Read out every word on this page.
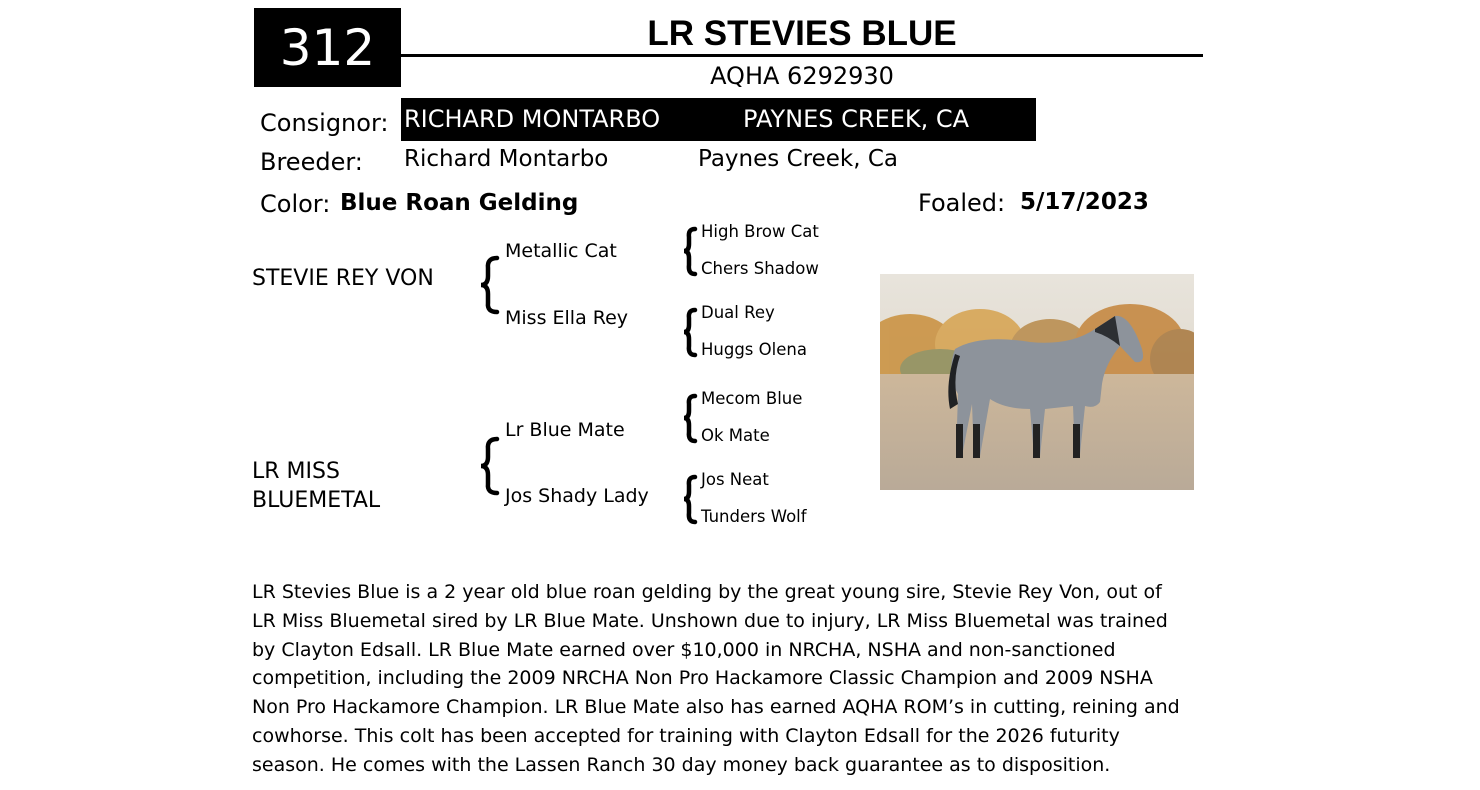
312	LR STEVIES BLUE
AQHA 6292930
Consignor: RICHARD MONTARBO	PAYNES CREEK, CA
Breeder: Richard Montarbo	Paynes Creek, Ca
Color: Blue Roan Gelding	Foaled: 5/17/2023
STEVIE REY VON
LR MISS
BLUEMETAL
Metallic Cat
Miss Ella Rey
Lr Blue Mate
Jos Shady Lady
High Brow Cat
Chers Shadow
Dual Rey
Huggs Olena
Mecom Blue
Ok Mate
Jos Neat
Tunders Wolf
LR Stevies Blue is a 2 year old blue roan gelding by the great young sire, Stevie Rey Von, out of
LR Miss Bluemetal sired by LR Blue Mate. Unshown due to injury, LR Miss Bluemetal was trained
by Clayton Edsall. LR Blue Mate earned over $10,000 in NRCHA, NSHA and non-sanctioned
competition, including the 2009 NRCHA Non Pro Hackamore Classic Champion and 2009 NSHA
Non Pro Hackamore Champion. LR Blue Mate also has earned AQHA ROM’s in cutting, reining and
cowhorse. This colt has been accepted for training with Clayton Edsall for the 2026 futurity
season. He comes with the Lassen Ranch 30 day money back guarantee as to disposition.
